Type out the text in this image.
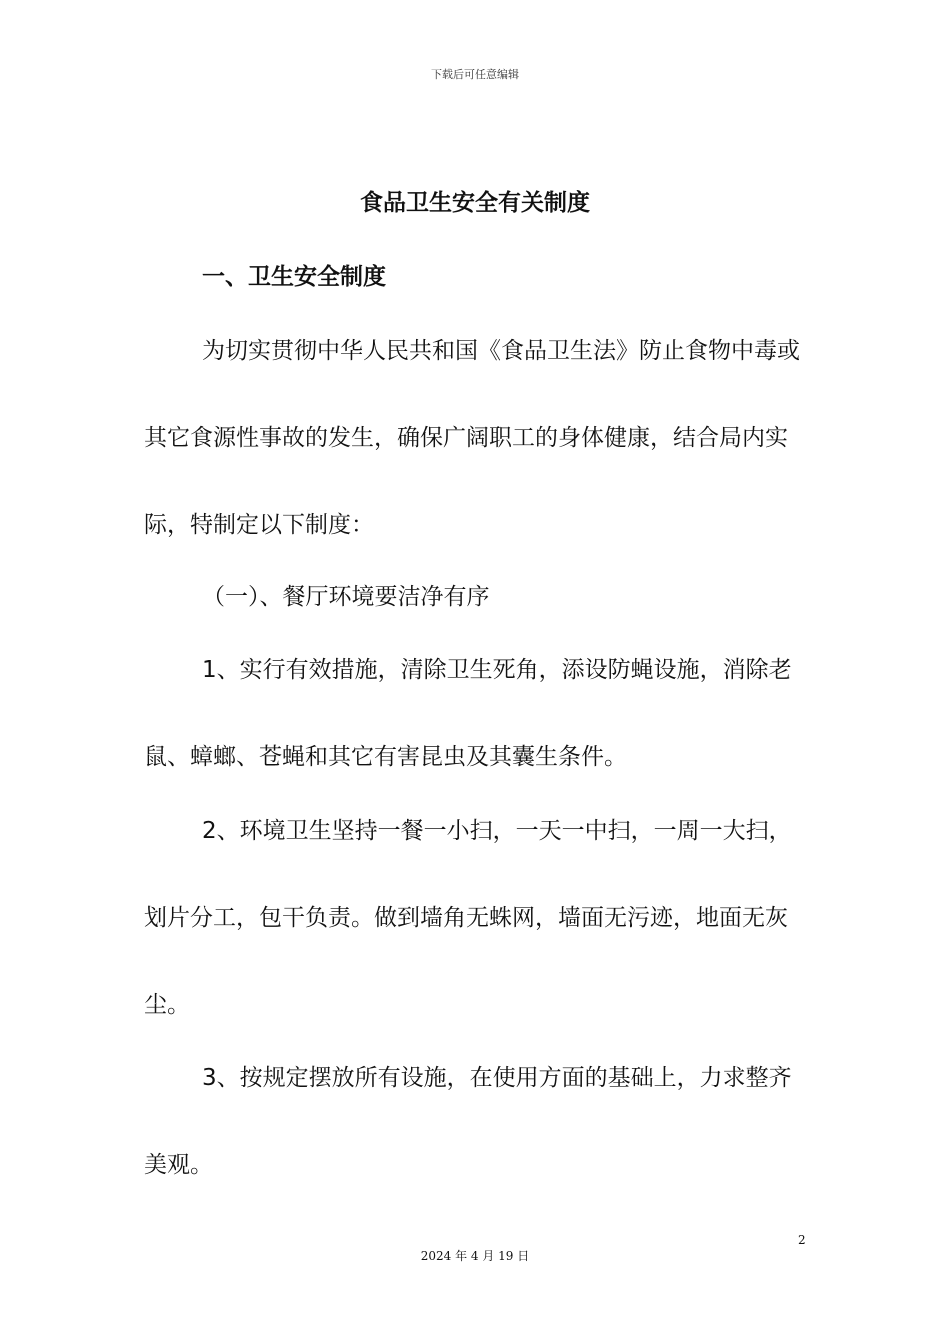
下载后可任意编辑
食品卫生安全有关制度
一、卫生安全制度
为切实贯彻中华人民共和国《食品卫生法》防止食物中毒或
其它食源性事故的发生，确保广阔职工的身体健康，结合局内实
际，特制定以下制度：
（一）、餐厅环境要洁净有序
1、实行有效措施，清除卫生死角，添设防蝇设施，消除老
鼠、蟑螂、苍蝇和其它有害昆虫及其囊生条件。
2、环境卫生坚持一餐一小扫，一天一中扫，一周一大扫，
划片分工，包干负责。做到墙角无蛛网，墙面无污迹，地面无灰
尘。
3、按规定摆放所有设施，在使用方面的基础上，力求整齐
美观。
2
2024 年 4 月 19 日
